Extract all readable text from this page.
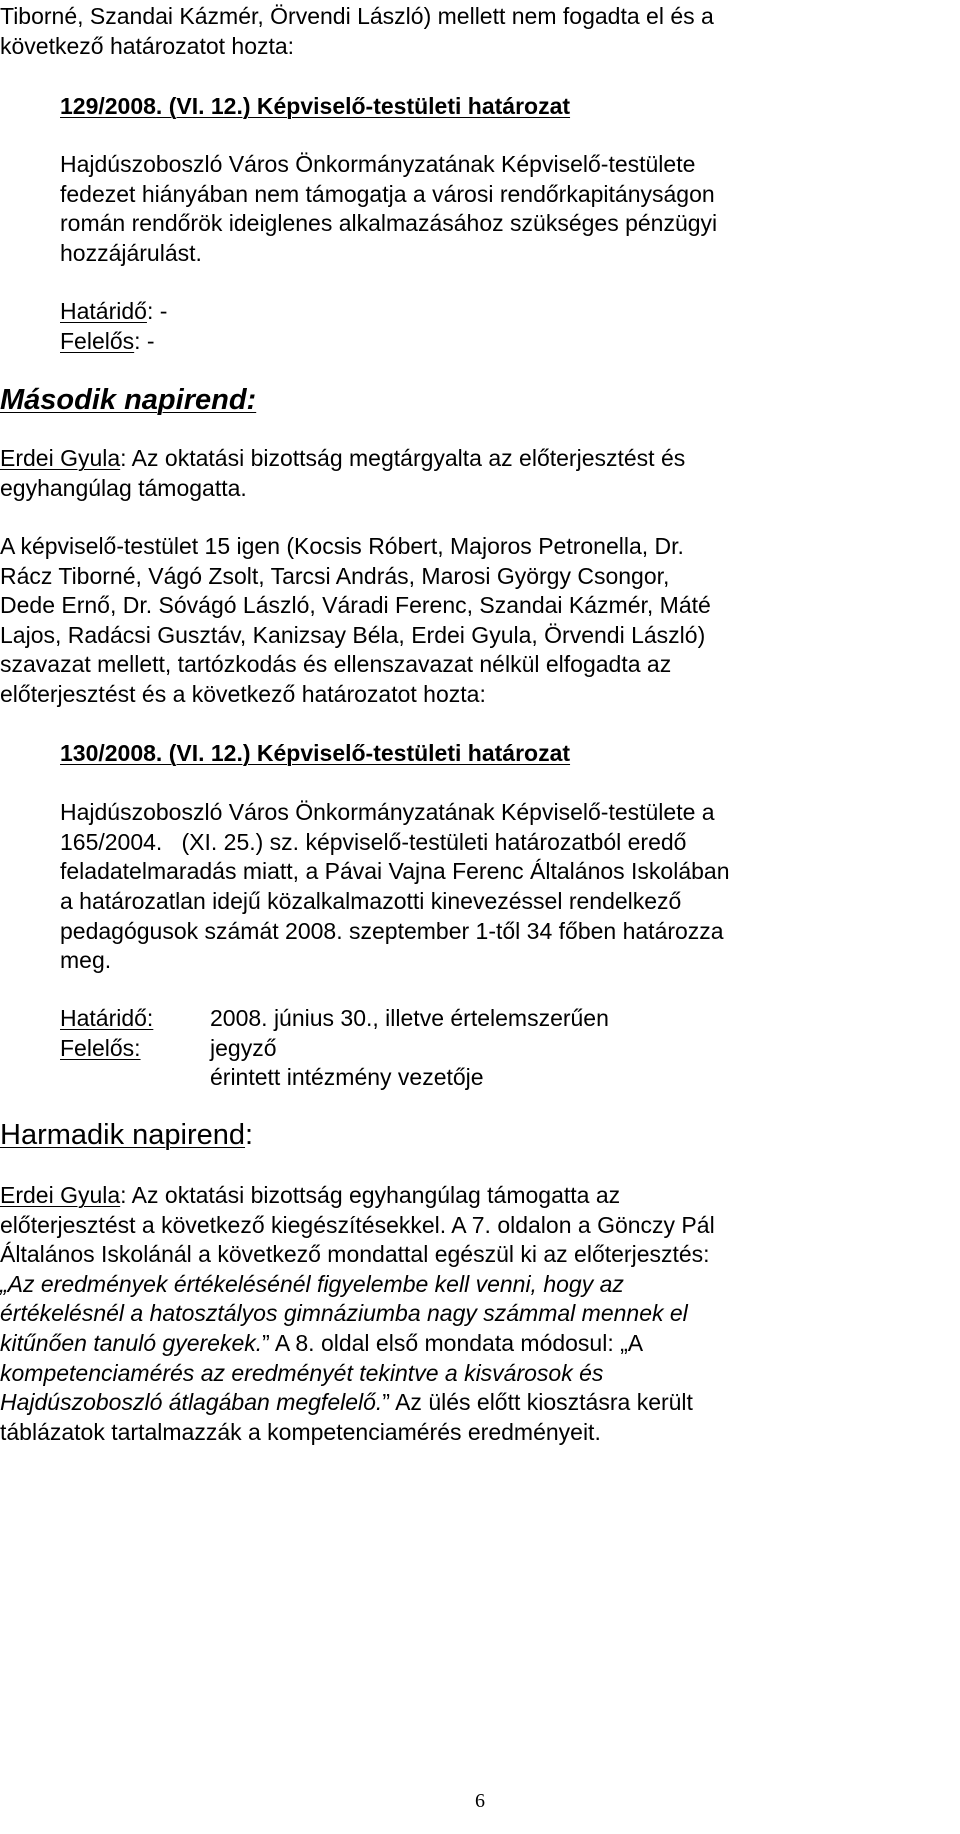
Tiborné, Szandai Kázmér, Örvendi László) mellett nem fogadta el és a
következő határozatot hozta:
129/2008. (VI. 12.) Képviselő-testületi határozat
Hajdúszoboszló Város Önkormányzatának Képviselő-testülete
fedezet hiányában nem támogatja a városi rendőrkapitányságon
román rendőrök ideiglenes alkalmazásához szükséges pénzügyi
hozzájárulást.
Határidő: -
Felelős: -
Második napirend:
Erdei Gyula: Az oktatási bizottság megtárgyalta az előterjesztést és
egyhangúlag támogatta.
A képviselő-testület 15 igen (Kocsis Róbert, Majoros Petronella, Dr.
Rácz Tiborné, Vágó Zsolt, Tarcsi András, Marosi György Csongor,
Dede Ernő, Dr. Sóvágó László, Váradi Ferenc, Szandai Kázmér, Máté
Lajos, Radácsi Gusztáv, Kanizsay Béla, Erdei Gyula, Örvendi László)
szavazat mellett, tartózkodás és ellenszavazat nélkül elfogadta az
előterjesztést és a következő határozatot hozta:
130/2008. (VI. 12.) Képviselő-testületi határozat
Hajdúszoboszló Város Önkormányzatának Képviselő-testülete a
165/2004.   (XI. 25.) sz. képviselő-testületi határozatból eredő
feladatelmaradás miatt, a Pávai Vajna Ferenc Általános Iskolában
a határozatlan idejű közalkalmazotti kinevezéssel rendelkező
pedagógusok számát 2008. szeptember 1-től 34 főben határozza
meg.
Határidő: 2008. június 30., illetve értelemszerűen
Felelős:	jegyző
érintett intézmény vezetője
Harmadik napirend:
Erdei Gyula: Az oktatási bizottság egyhangúlag támogatta az
előterjesztést a következő kiegészítésekkel. A 7. oldalon a Gönczy Pál
Általános Iskolánál a következő mondattal egészül ki az előterjesztés:
„Az eredmények értékelésénél figyelembe kell venni, hogy az
értékelésnél a hatosztályos gimnáziumba nagy számmal mennek el
kitűnően tanuló gyerekek.” A 8. oldal első mondata módosul: „A
kompetenciamérés az eredményét tekintve a kisvárosok és
Hajdúszoboszló átlagában megfelelő.” Az ülés előtt kiosztásra került
táblázatok tartalmazzák a kompetenciamérés eredményeit.
6
